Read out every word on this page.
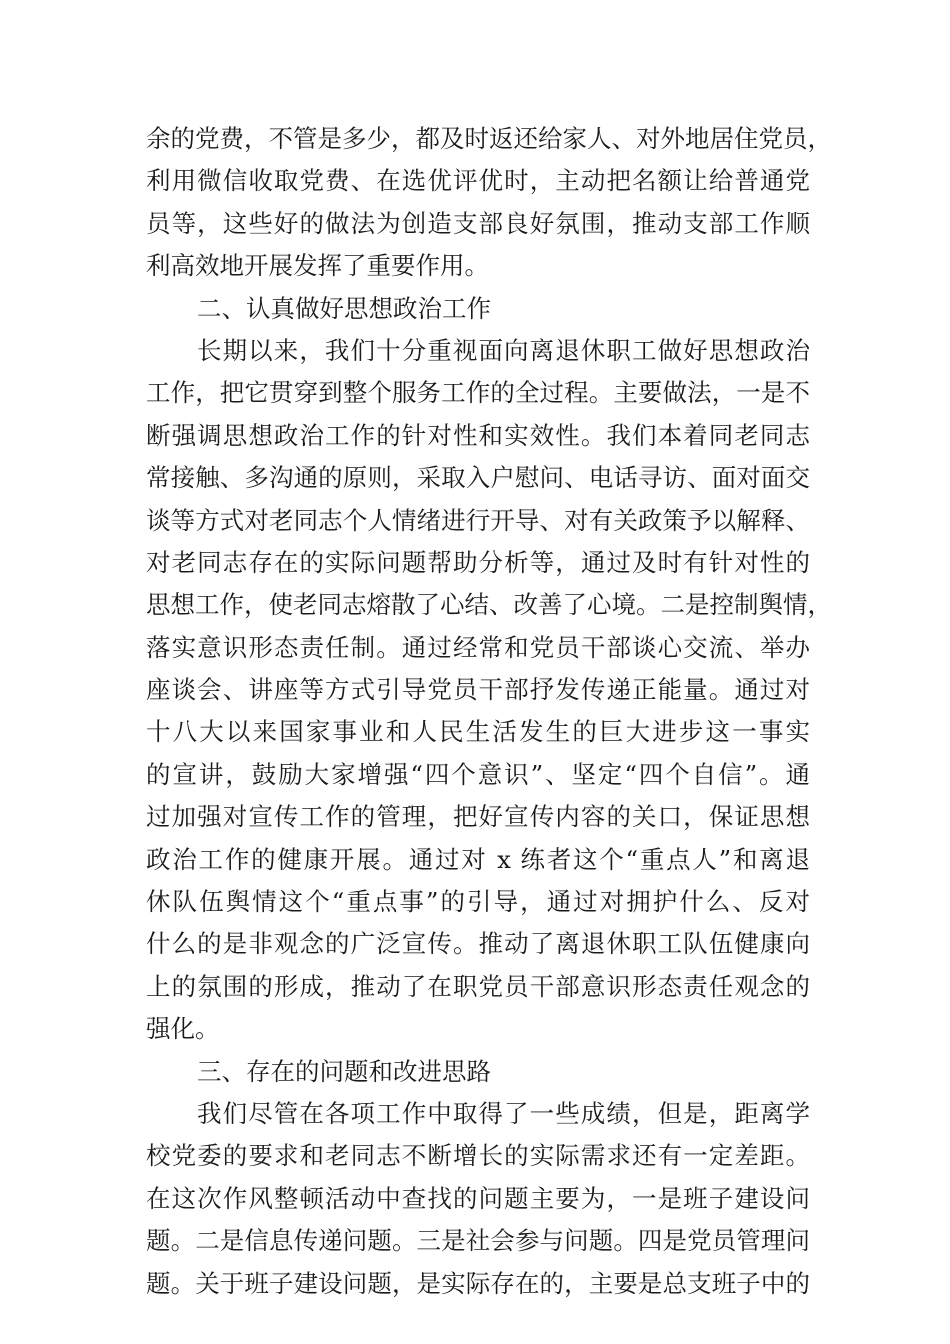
余的党费，不管是多少，都及时返还给家人、对外地居住党员，
利用微信收取党费、在选优评优时，主动把名额让给普通党
员等，这些好的做法为创造支部良好氛围，推动支部工作顺
利高效地开展发挥了重要作用。
二、认真做好思想政治工作
长期以来，我们十分重视面向离退休职工做好思想政治
工作，把它贯穿到整个服务工作的全过程。主要做法，一是不
断强调思想政治工作的针对性和实效性。我们本着同老同志
常接触、多沟通的原则，采取入户慰问、电话寻访、面对面交
谈等方式对老同志个人情绪进行开导、对有关政策予以解释、
对老同志存在的实际问题帮助分析等，通过及时有针对性的
思想工作，使老同志熔散了心结、改善了心境。二是控制舆情，
落实意识形态责任制。通过经常和党员干部谈心交流、举办
座谈会、讲座等方式引导党员干部抒发传递正能量。通过对
十八大以来国家事业和人民生活发生的巨大进步这一事实
的宣讲，鼓励大家增强“四个意识”、坚定“四个自信”。通
过加强对宣传工作的管理，把好宣传内容的关口，保证思想
政治工作的健康开展。通过对 x 练者这个“重点人”和离退
休队伍舆情这个“重点事”的引导，通过对拥护什么、反对
什么的是非观念的广泛宣传。推动了离退休职工队伍健康向
上的氛围的形成，推动了在职党员干部意识形态责任观念的
强化。
三、存在的问题和改进思路
我们尽管在各项工作中取得了一些成绩，但是，距离学
校党委的要求和老同志不断增长的实际需求还有一定差距。
在这次作风整顿活动中查找的问题主要为，一是班子建设问
题。二是信息传递问题。三是社会参与问题。四是党员管理问
题。关于班子建设问题，是实际存在的，主要是总支班子中的
